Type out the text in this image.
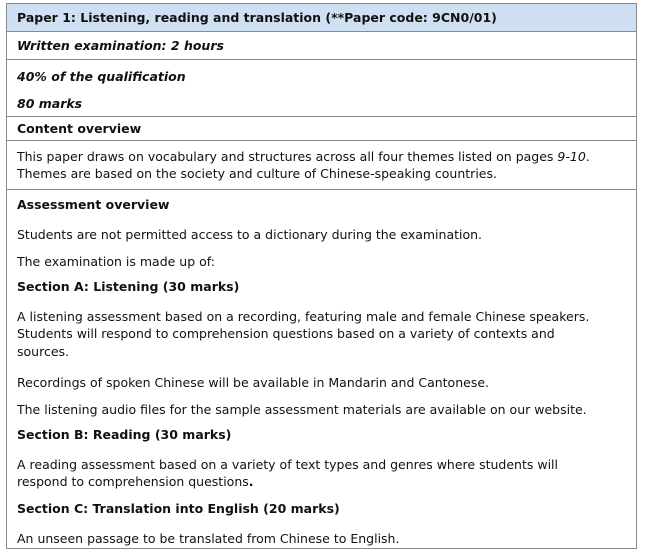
Paper 1: Listening, reading and translation (**Paper code: 9CN0/01)
Written examination: 2 hours
40% of the qualification
80 marks
Content overview
This paper draws on vocabulary and structures across all four themes listed on pages 9-10.
Themes are based on the society and culture of Chinese-speaking countries.
Assessment overview
Students are not permitted access to a dictionary during the examination.
The examination is made up of:
Section A: Listening (30 marks)
A listening assessment based on a recording, featuring male and female Chinese speakers.
Students will respond to comprehension questions based on a variety of contexts and
sources.
Recordings of spoken Chinese will be available in Mandarin and Cantonese.
The listening audio files for the sample assessment materials are available on our website.
Section B: Reading (30 marks)
A reading assessment based on a variety of text types and genres where students will
respond to comprehension questions.
Section C: Translation into English (20 marks)
An unseen passage to be translated from Chinese to English.
